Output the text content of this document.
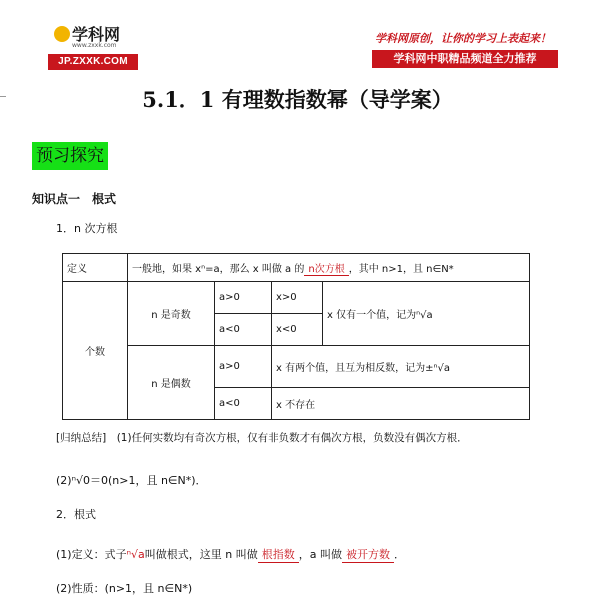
学科网
www.zxxk.com
JP.ZXXK.COM
学科网原创，让你的学习上表起来！
学科网中职精品频道全力推荐
5.1．1 有理数指数幂（导学案）
预习探究
知识点一　根式
1．n 次方根
定义	一般地，如果 xⁿ=a，那么 x 叫做 a 的 n次方根 ，其中 n>1，且 n∈N*			
个数	n 是奇数	a>0	x>0	x 仅有一个值，记为ⁿ√a
		a<0	x<0	
	n 是偶数	a>0	x 有两个值，且互为相反数，记为±ⁿ√a	
		a<0	x 不存在	
[归纳总结]　(1)任何实数均有奇次方根，仅有非负数才有偶次方根，负数没有偶次方根．
(2)ⁿ√0＝0(n>1，且 n∈N*)．
2．根式
(1)定义：式子ⁿ√a叫做根式，这里 n 叫做 根指数 ，a 叫做 被开方数 ．
(2)性质：(n>1，且 n∈N*)
